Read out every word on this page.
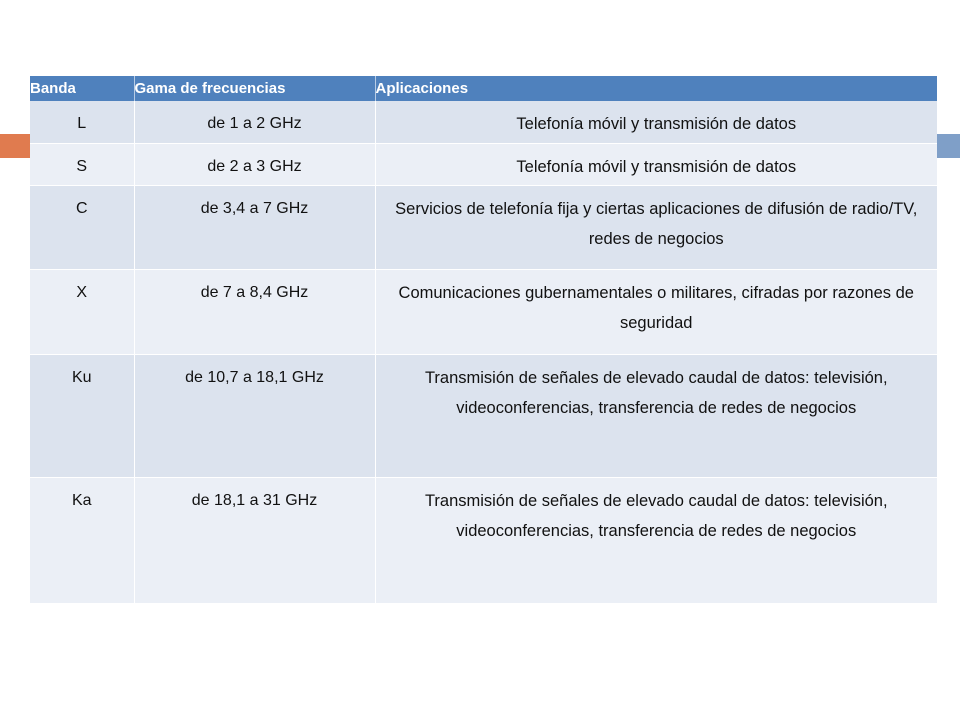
Banda	Gama de frecuencias	Aplicaciones
L	de 1 a 2 GHz	Telefonía móvil y transmisión de datos
S	de 2 a 3 GHz	Telefonía móvil y transmisión de datos
C	de 3,4 a 7 GHz	Servicios de telefonía fija y ciertas aplicaciones de difusión de radio/TV, redes de negocios
X	de 7 a 8,4 GHz	Comunicaciones gubernamentales o militares, cifradas por razones de seguridad
Ku	de 10,7 a 18,1 GHz	Transmisión de señales de elevado caudal de datos: televisión, videoconferencias, transferencia de redes de negocios
Ka	de 18,1 a 31 GHz	Transmisión de señales de elevado caudal de datos: televisión, videoconferencias, transferencia de redes de negocios
